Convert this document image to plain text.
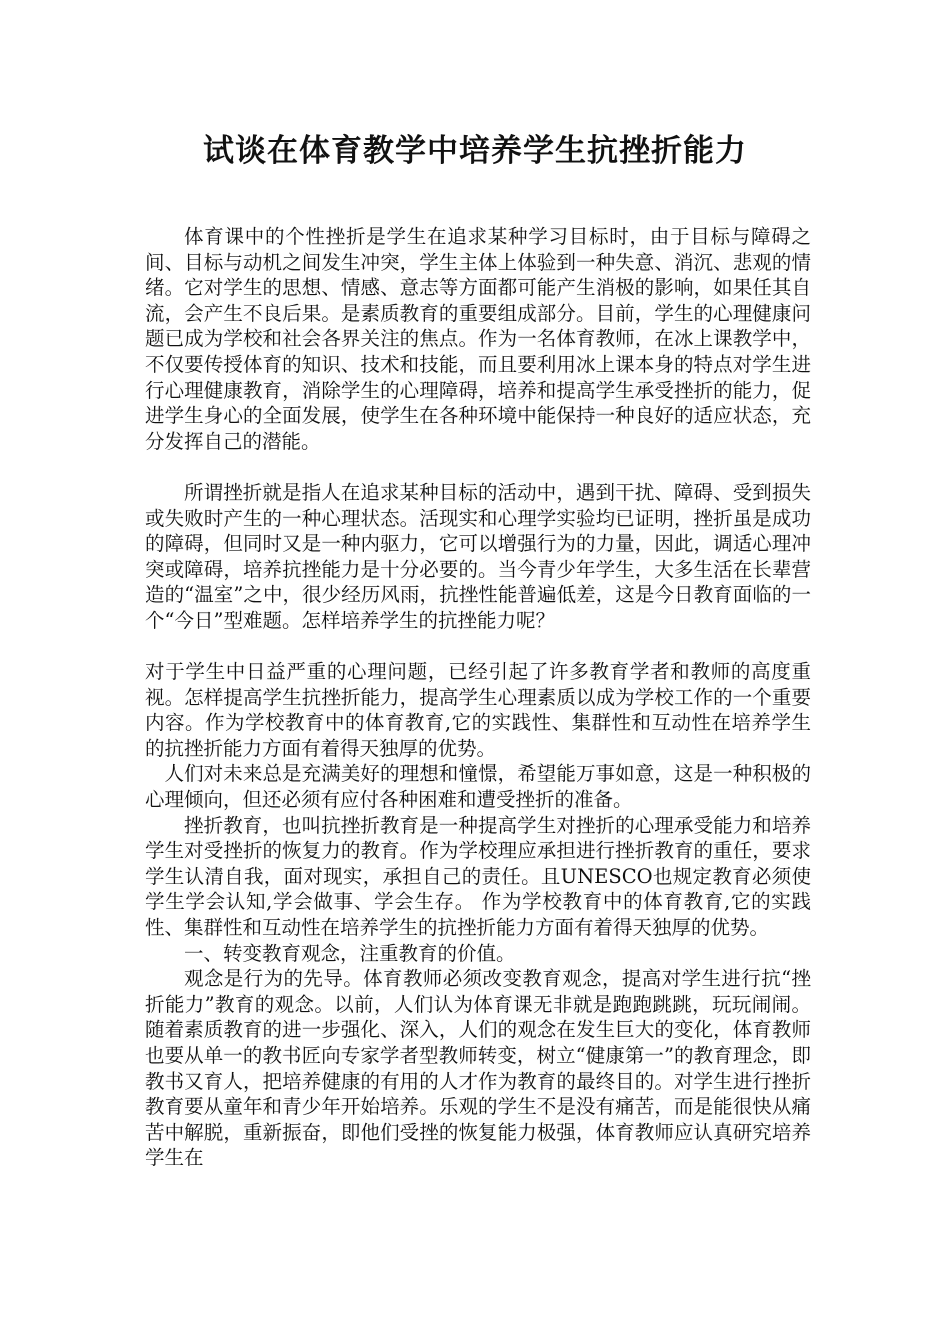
试谈在体育教学中培养学生抗挫折能力

体育课中的个性挫折是学生在追求某种学习目标时，由于目标与障碍之间、目标与动机之间发生冲突，学生主体上体验到一种失意、消沉、悲观的情绪。它对学生的思想、情感、意志等方面都可能产生消极的影响，如果任其自流，会产生不良后果。是素质教育的重要组成部分。目前，学生的心理健康问题已成为学校和社会各界关注的焦点。作为一名体育教师，在冰上课教学中，不仅要传授体育的知识、技术和技能，而且要利用冰上课本身的特点对学生进行心理健康教育，消除学生的心理障碍，培养和提高学生承受挫折的能力，促进学生身心的全面发展，使学生在各种环境中能保持一种良好的适应状态，充分发挥自己的潜能。

所谓挫折就是指人在追求某种目标的活动中，遇到干扰、障碍、受到损失或失败时产生的一种心理状态。活现实和心理学实验均已证明，挫折虽是成功的障碍，但同时又是一种内驱力，它可以增强行为的力量，因此，调适心理冲突或障碍，培养抗挫能力是十分必要的。当今青少年学生，大多生活在长辈营造的“温室”之中，很少经历风雨，抗挫性能普遍低差，这是今日教育面临的一个“今日”型难题。怎样培养学生的抗挫能力呢？

对于学生中日益严重的心理问题，已经引起了许多教育学者和教师的高度重视。怎样提高学生抗挫折能力，提高学生心理素质以成为学校工作的一个重要内容。作为学校教育中的体育教育,它的实践性、集群性和互动性在培养学生的抗挫折能力方面有着得天独厚的优势。

人们对未来总是充满美好的理想和憧憬，希望能万事如意，这是一种积极的心理倾向，但还必须有应付各种困难和遭受挫折的准备。

挫折教育，也叫抗挫折教育是一种提高学生对挫折的心理承受能力和培养学生对受挫折的恢复力的教育。作为学校理应承担进行挫折教育的重任，要求学生认清自我，面对现实，承担自己的责任。且UNESCO也规定教育必须使学生学会认知,学会做事、学会生存。 作为学校教育中的体育教育,它的实践性、集群性和互动性在培养学生的抗挫折能力方面有着得天独厚的优势。

一、转变教育观念，注重教育的价值。

观念是行为的先导。体育教师必须改变教育观念，提高对学生进行抗“挫折能力”教育的观念。以前，人们认为体育课无非就是跑跑跳跳，玩玩闹闹。随着素质教育的进一步强化、深入，人们的观念在发生巨大的变化，体育教师也要从单一的教书匠向专家学者型教师转变，树立“健康第一”的教育理念，即教书又育人，把培养健康的有用的人才作为教育的最终目的。对学生进行挫折教育要从童年和青少年开始培养。乐观的学生不是没有痛苦，而是能很快从痛苦中解脱，重新振奋，即他们受挫的恢复能力极强，体育教师应认真研究培养学生在
